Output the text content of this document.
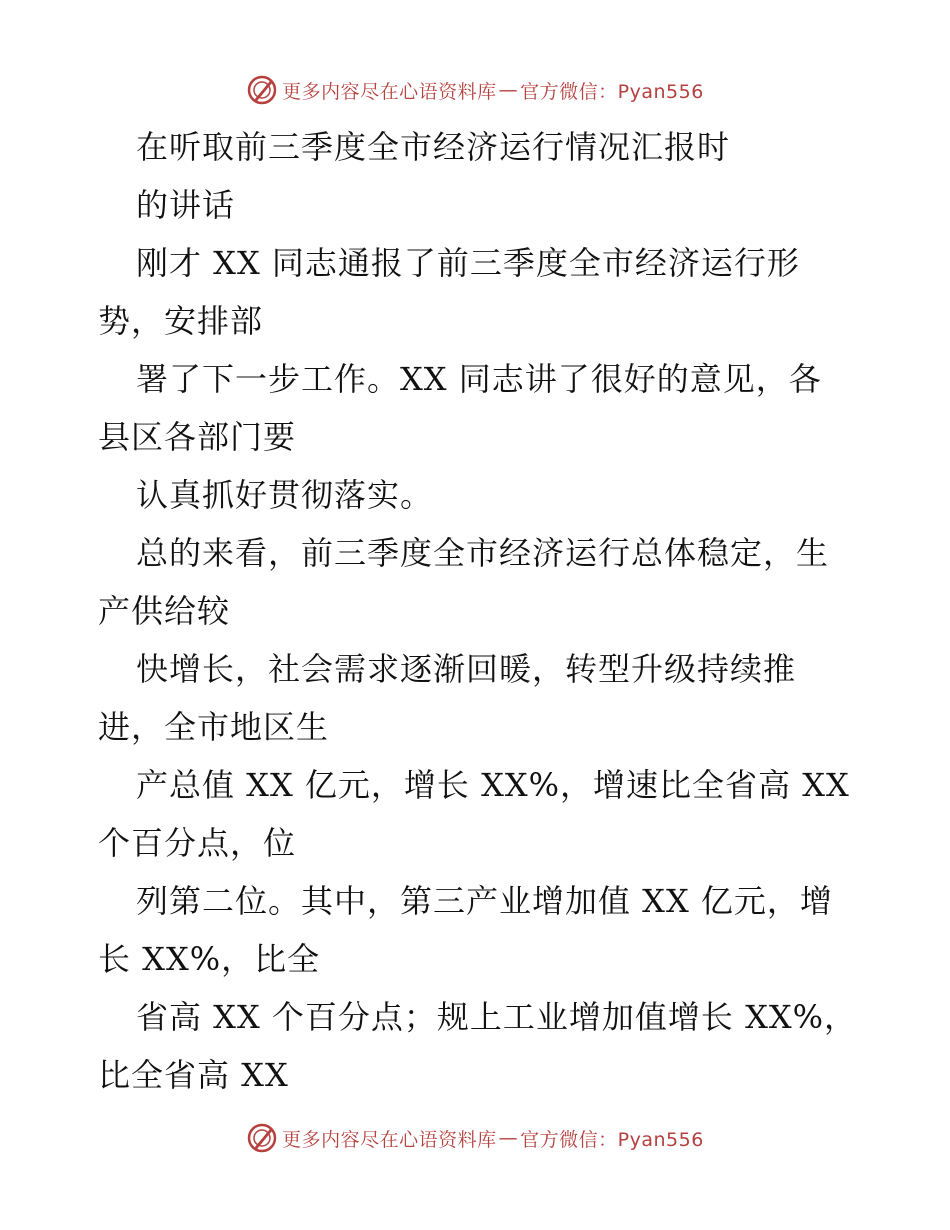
更多内容尽在心语资料库 — 官方微信：Pyan556
在听取前三季度全市经济运行情况汇报时
的讲话
刚才 XX 同志通报了前三季度全市经济运行形
势，安排部
署了下一步工作。XX 同志讲了很好的意见，各
县区各部门要
认真抓好贯彻落实。
总的来看，前三季度全市经济运行总体稳定，生
产供给较
快增长，社会需求逐渐回暖，转型升级持续推
进，全市地区生
产总值 XX 亿元，增长 XX%，增速比全省高 XX
个百分点，位
列第二位。其中，第三产业增加值 XX 亿元，增
长 XX%，比全
省高 XX 个百分点；规上工业增加值增长 XX%，
比全省高 XX
更多内容尽在心语资料库 — 官方微信：Pyan556
